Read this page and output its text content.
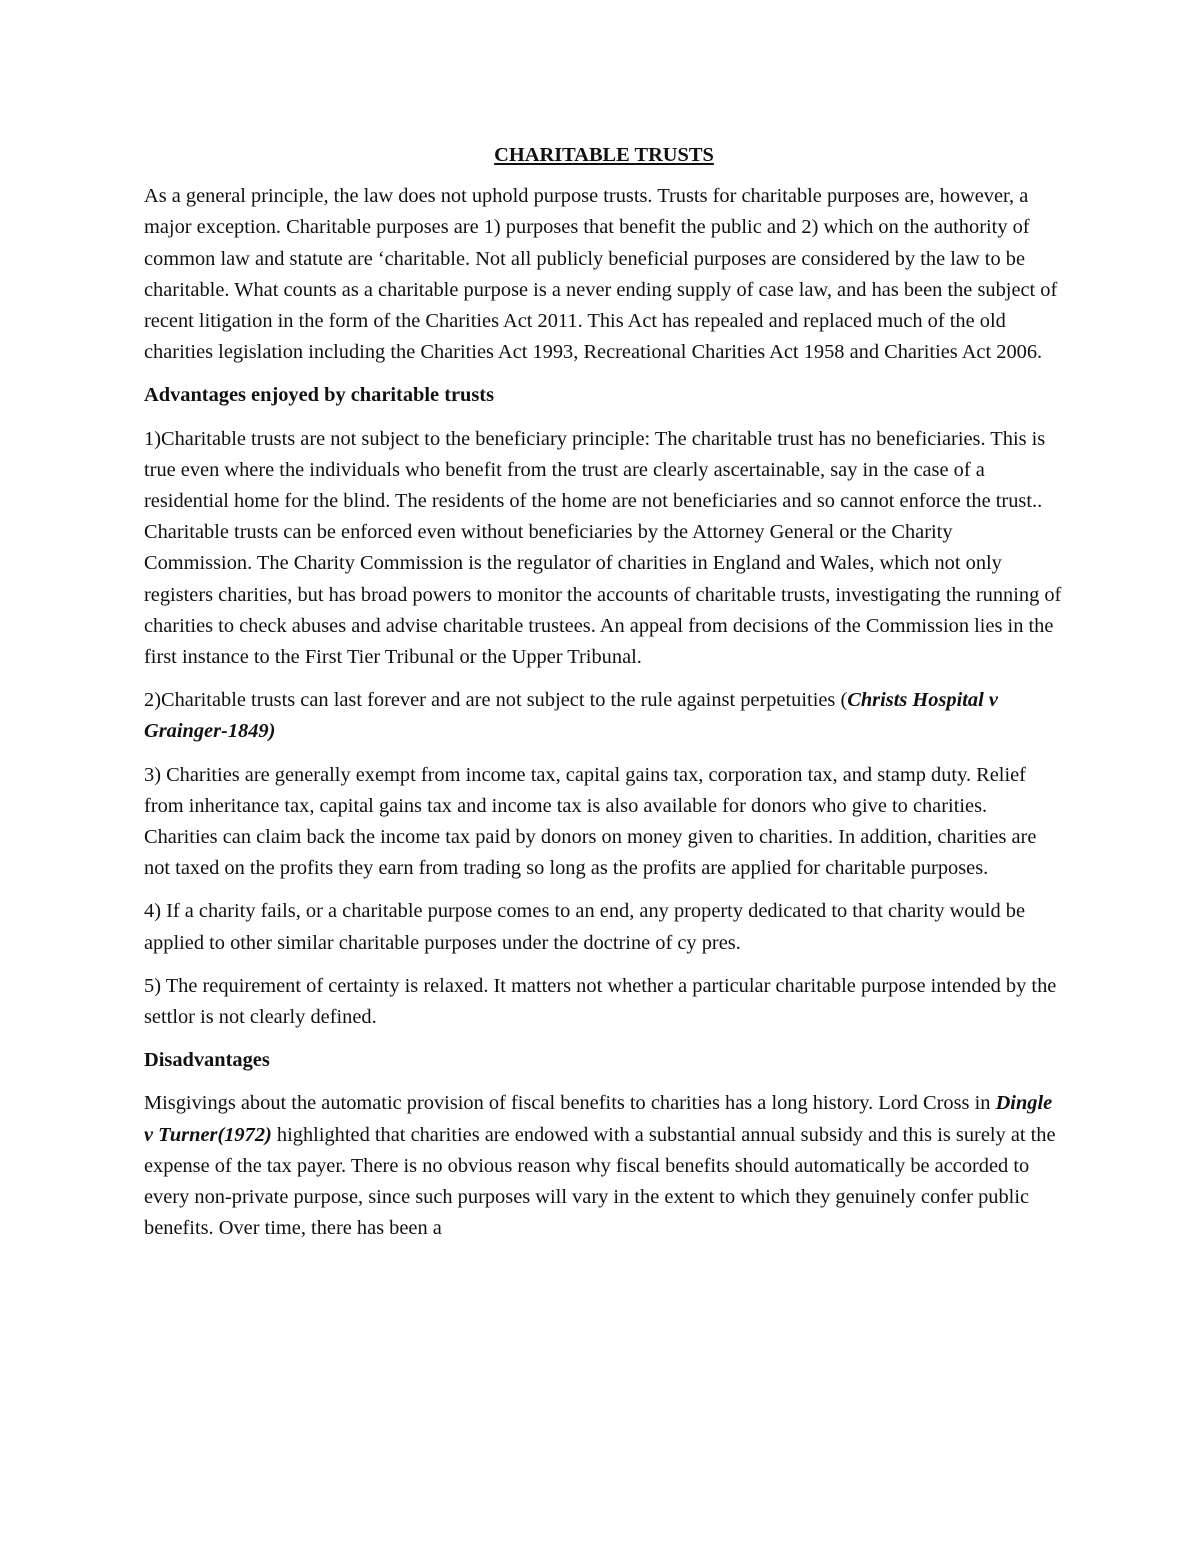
CHARITABLE TRUSTS

As a general principle, the law does not uphold purpose trusts. Trusts for charitable purposes are, however, a major exception. Charitable purposes are 1) purposes that benefit the public and 2) which on the authority of common law and statute are ‘charitable. Not all publicly beneficial purposes are considered by the law to be charitable. What counts as a charitable purpose is a never ending supply of case law, and has been the subject of recent litigation in the form of the Charities Act 2011. This Act has repealed and replaced much of the old charities legislation including the Charities Act 1993, Recreational Charities Act 1958 and Charities Act 2006.

Advantages enjoyed by charitable trusts

1)Charitable trusts are not subject to the beneficiary principle: The charitable trust has no beneficiaries. This is true even where the individuals who benefit from the trust are clearly ascertainable, say in the case of a residential home for the blind. The residents of the home are not beneficiaries and so cannot enforce the trust.. Charitable trusts can be enforced even without beneficiaries by the Attorney General or the Charity Commission. The Charity Commission is the regulator of charities in England and Wales, which not only registers charities, but has broad powers to monitor the accounts of charitable trusts, investigating the running of charities to check abuses and advise charitable trustees. An appeal from decisions of the Commission lies in the first instance to the First Tier Tribunal or the Upper Tribunal.

2)Charitable trusts can last forever and are not subject to the rule against perpetuities (Christs Hospital v Grainger-1849)

3) Charities are generally exempt from income tax, capital gains tax, corporation tax, and stamp duty. Relief from inheritance tax, capital gains tax and income tax is also available for donors who give to charities. Charities can claim back the income tax paid by donors on money given to charities. In addition, charities are not taxed on the profits they earn from trading so long as the profits are applied for charitable purposes.

4) If a charity fails, or a charitable purpose comes to an end, any property dedicated to that charity would be applied to other similar charitable purposes under the doctrine of cy pres.

5) The requirement of certainty is relaxed. It matters not whether a particular charitable purpose intended by the settlor is not clearly defined.

Disadvantages

Misgivings about the automatic provision of fiscal benefits to charities has a long history. Lord Cross in Dingle v Turner(1972) highlighted that charities are endowed with a substantial annual subsidy and this is surely at the expense of the tax payer. There is no obvious reason why fiscal benefits should automatically be accorded to every non-private purpose, since such purposes will vary in the extent to which they genuinely confer public benefits. Over time, there has been a
